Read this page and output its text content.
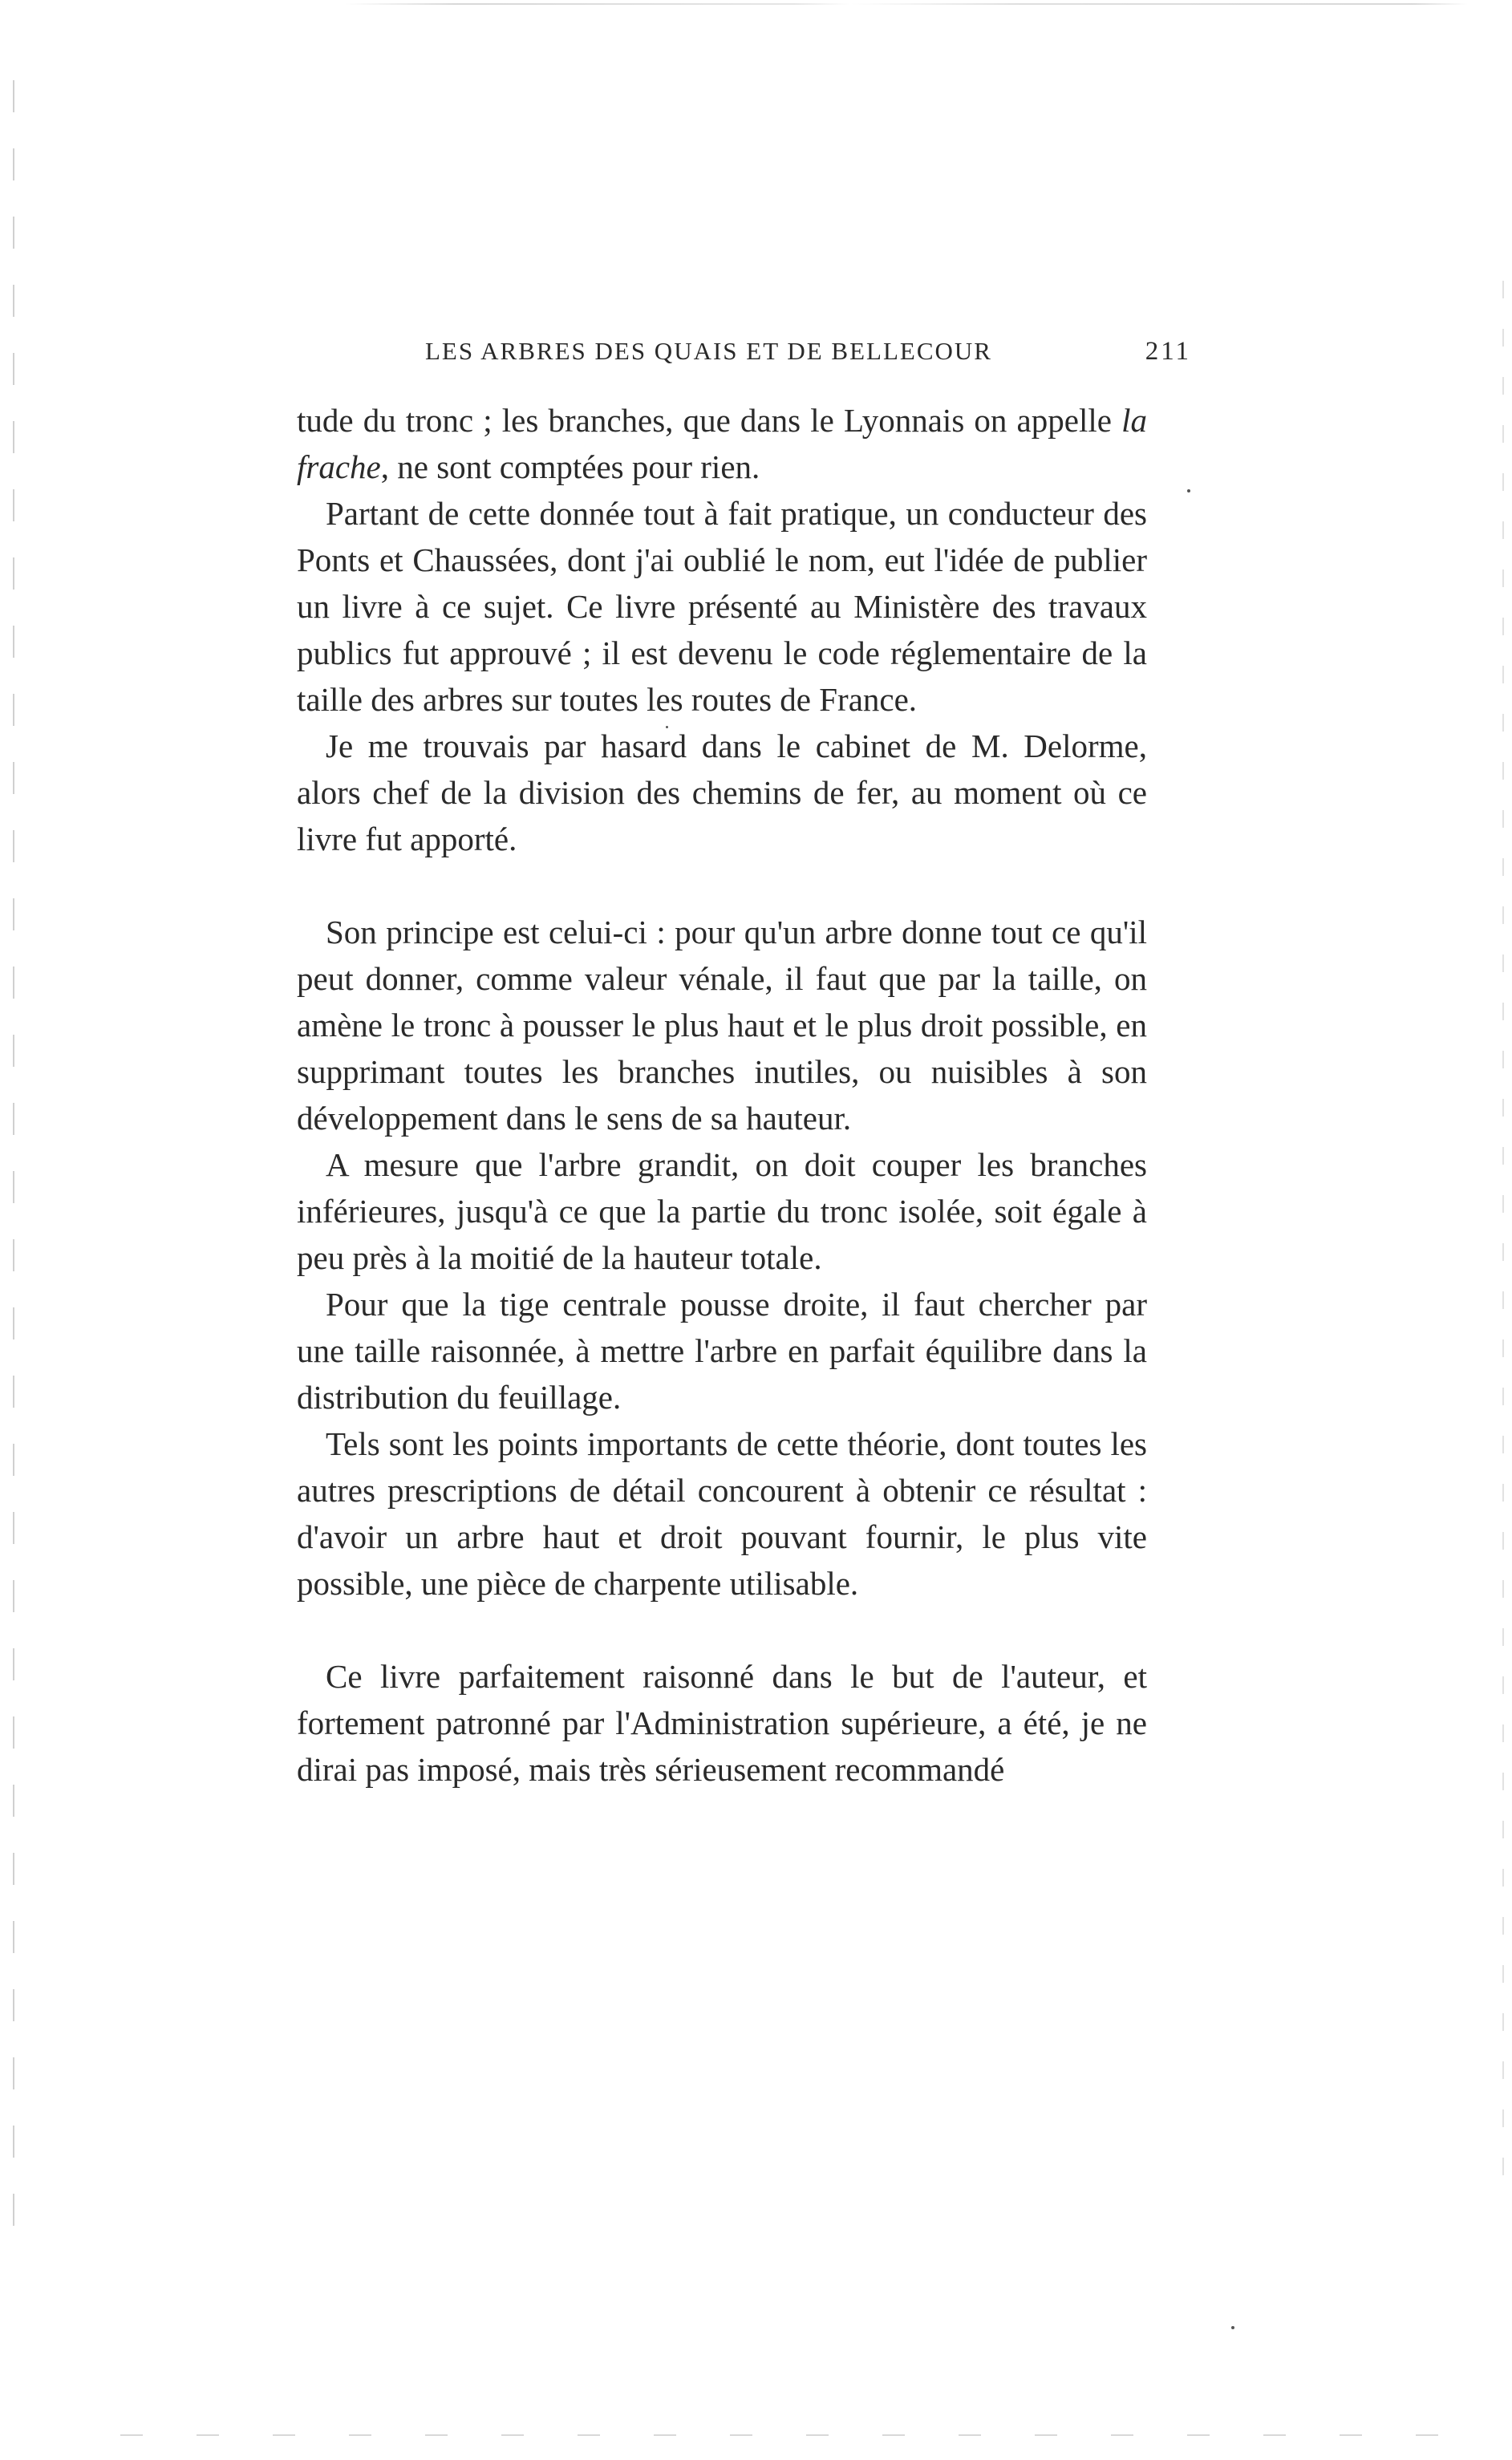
LES ARBRES DES QUAIS ET DE BELLECOUR	211

tude du tronc ; les branches, que dans le Lyonnais on appelle la frache, ne sont comptées pour rien.

Partant de cette donnée tout à fait pratique, un conducteur des Ponts et Chaussées, dont j'ai oublié le nom, eut l'idée de publier un livre à ce sujet. Ce livre présenté au Ministère des travaux publics fut approuvé ; il est devenu le code réglementaire de la taille des arbres sur toutes les routes de France.

Je me trouvais par hasard dans le cabinet de M. Delorme, alors chef de la division des chemins de fer, au moment où ce livre fut apporté.

Son principe est celui-ci : pour qu'un arbre donne tout ce qu'il peut donner, comme valeur vénale, il faut que par la taille, on amène le tronc à pousser le plus haut et le plus droit possible, en supprimant toutes les branches inutiles, ou nuisibles à son développement dans le sens de sa hauteur.

A mesure que l'arbre grandit, on doit couper les branches inférieures, jusqu'à ce que la partie du tronc isolée, soit égale à peu près à la moitié de la hauteur totale.

Pour que la tige centrale pousse droite, il faut chercher par une taille raisonnée, à mettre l'arbre en parfait équilibre dans la distribution du feuillage.

Tels sont les points importants de cette théorie, dont toutes les autres prescriptions de détail concourent à obtenir ce résultat : d'avoir un arbre haut et droit pouvant fournir, le plus vite possible, une pièce de charpente utilisable.

Ce livre parfaitement raisonné dans le but de l'auteur, et fortement patronné par l'Administration supérieure, a été, je ne dirai pas imposé, mais très sérieusement recommandé
